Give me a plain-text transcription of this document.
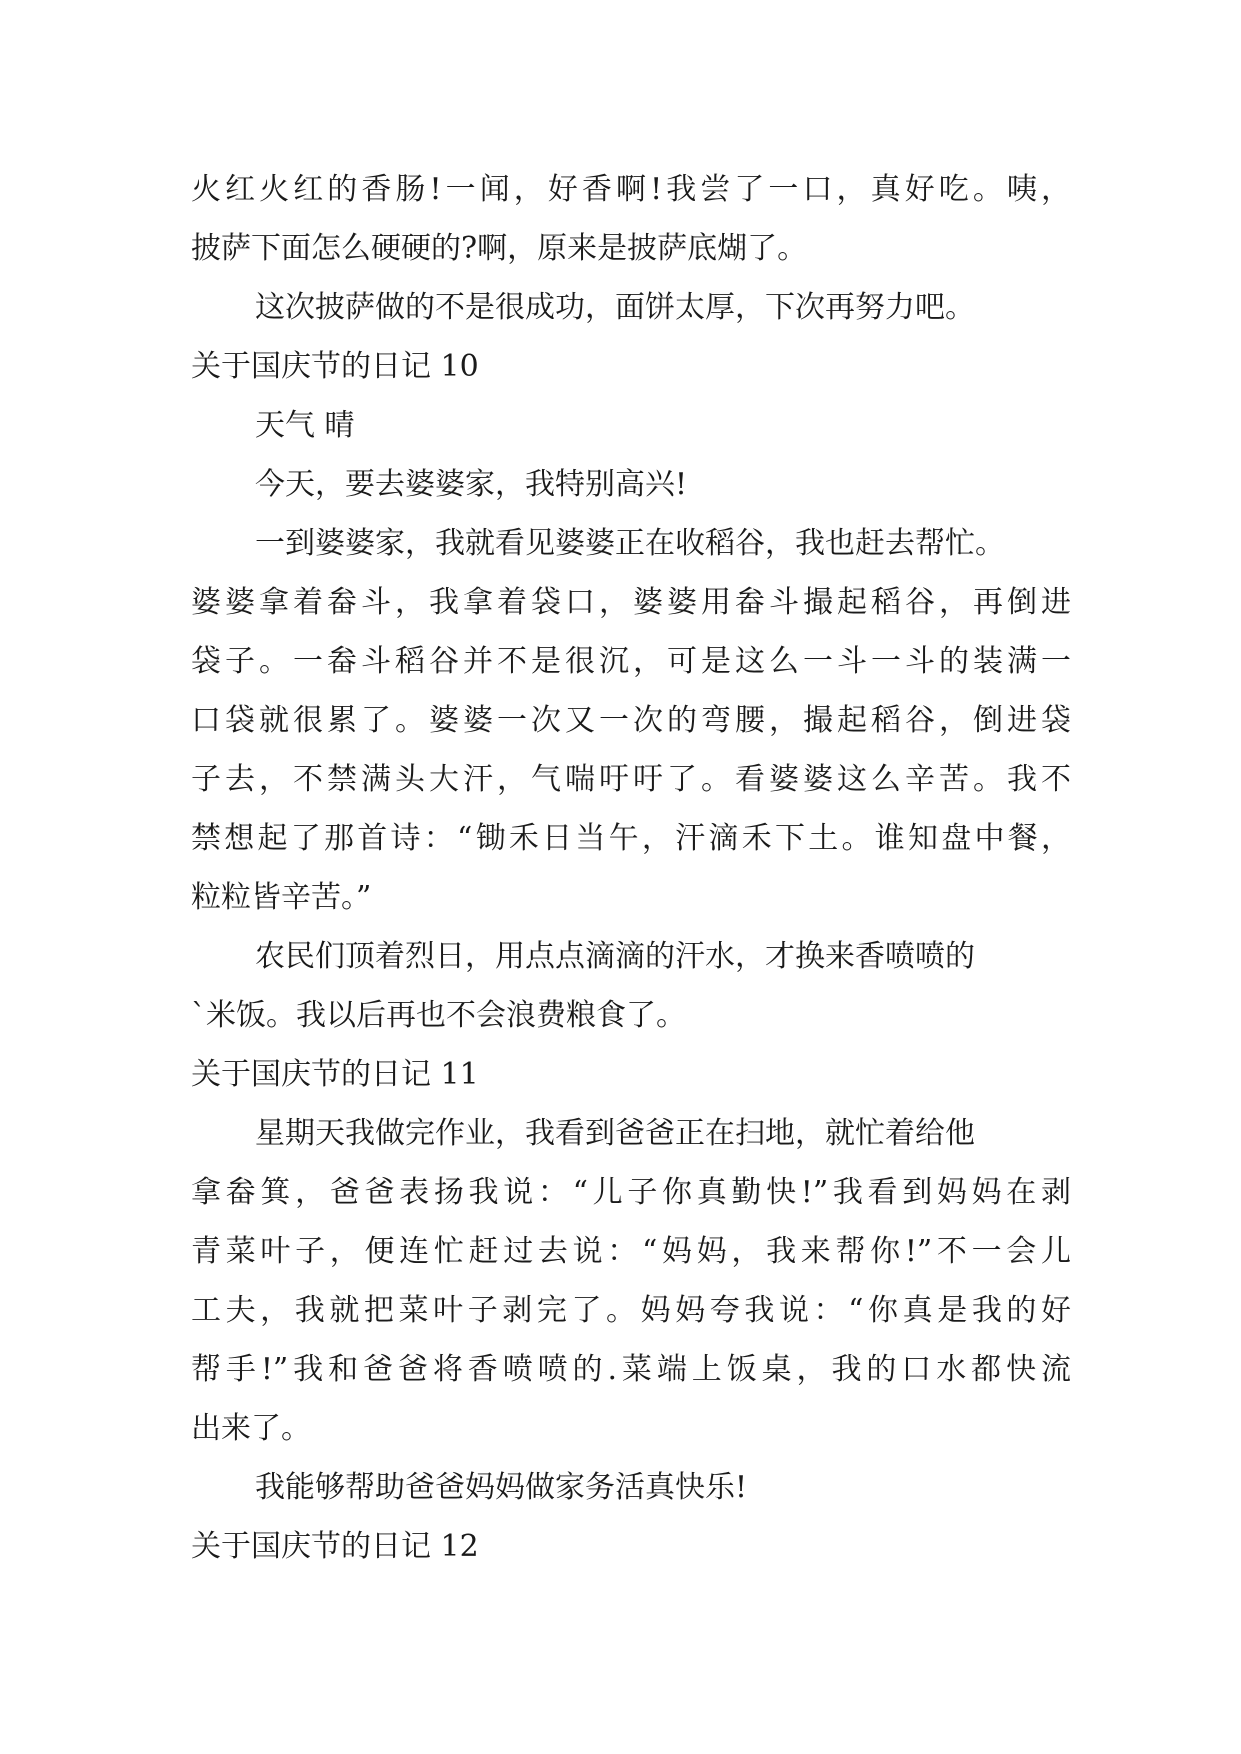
火红火红的香肠!一闻，好香啊!我尝了一口，真好吃。咦，
披萨下面怎么硬硬的?啊，原来是披萨底煳了。
这次披萨做的不是很成功，面饼太厚，下次再努力吧。
关于国庆节的日记 10
天气 晴
今天，要去婆婆家，我特别高兴!
一到婆婆家，我就看见婆婆正在收稻谷，我也赶去帮忙。
婆婆拿着畚斗，我拿着袋口，婆婆用畚斗撮起稻谷，再倒进
袋子。一畚斗稻谷并不是很沉，可是这么一斗一斗的装满一
口袋就很累了。婆婆一次又一次的弯腰，撮起稻谷，倒进袋
子去，不禁满头大汗，气喘吁吁了。看婆婆这么辛苦。我不
禁想起了那首诗：“锄禾日当午，汗滴禾下土。谁知盘中餐，
粒粒皆辛苦。”
农民们顶着烈日，用点点滴滴的汗水，才换来香喷喷的
`米饭。我以后再也不会浪费粮食了。
关于国庆节的日记 11
星期天我做完作业，我看到爸爸正在扫地，就忙着给他
拿畚箕，爸爸表扬我说：“儿子你真勤快!”我看到妈妈在剥
青菜叶子，便连忙赶过去说：“妈妈，我来帮你!”不一会儿
工夫，我就把菜叶子剥完了。妈妈夸我说：“你真是我的好
帮手!”我和爸爸将香喷喷的.菜端上饭桌，我的口水都快流
出来了。
我能够帮助爸爸妈妈做家务活真快乐!
关于国庆节的日记 12
